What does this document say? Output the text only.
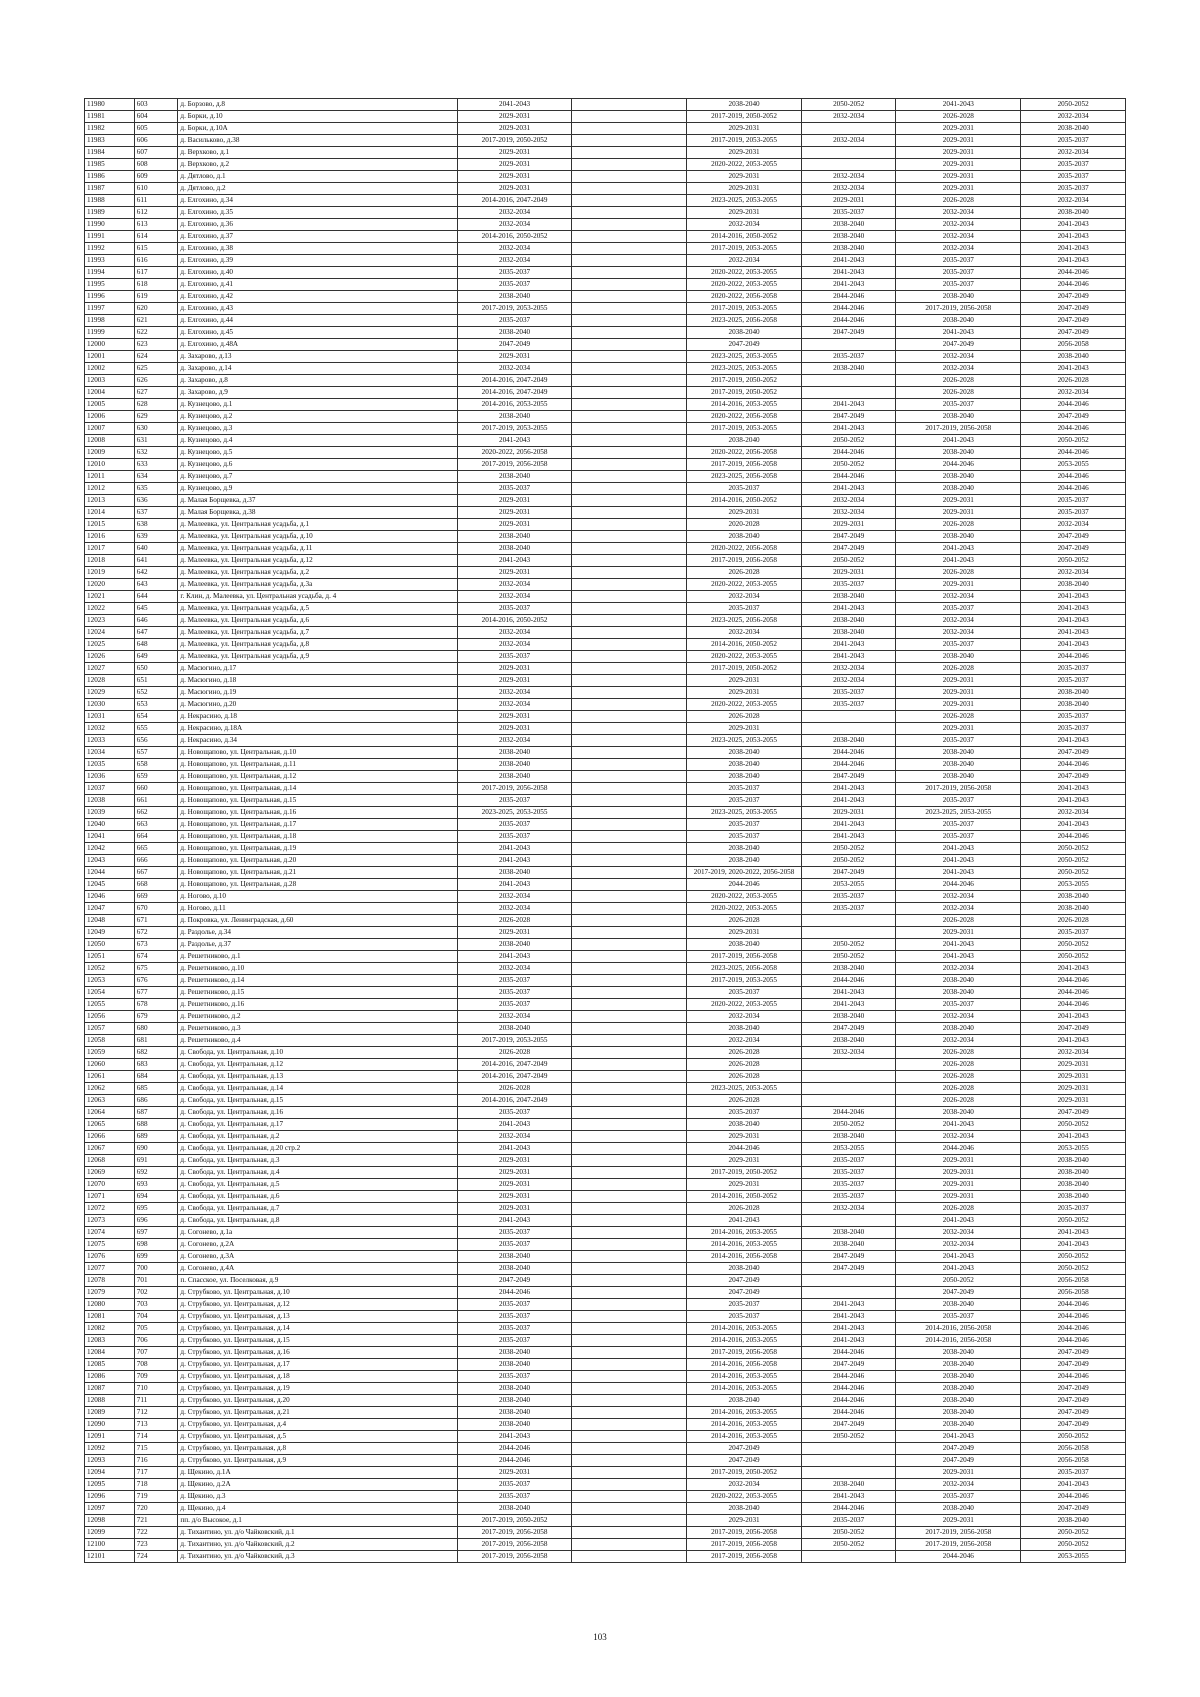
11980	603	д. Борзово, д.8	2041-2043		2038-2040	2050-2052	2041-2043	2050-2052
11981	604	д. Борки, д.10	2029-2031		2017-2019, 2050-2052	2032-2034	2026-2028	2032-2034
11982	605	д. Борки, д.10А	2029-2031		2029-2031		2029-2031	2038-2040
11983	606	д. Васильково, д.38	2017-2019, 2050-2052		2017-2019, 2053-2055	2032-2034	2029-2031	2035-2037
11984	607	д. Верхково, д.1	2029-2031		2029-2031		2029-2031	2032-2034
11985	608	д. Верхково, д.2	2029-2031		2020-2022, 2053-2055		2029-2031	2035-2037
11986	609	д. Дятлово, д.1	2029-2031		2029-2031	2032-2034	2029-2031	2035-2037
11987	610	д. Дятлово, д.2	2029-2031		2029-2031	2032-2034	2029-2031	2035-2037
11988	611	д. Елгохино, д.34	2014-2016, 2047-2049		2023-2025, 2053-2055	2029-2031	2026-2028	2032-2034
11989	612	д. Елгохино, д.35	2032-2034		2029-2031	2035-2037	2032-2034	2038-2040
11990	613	д. Елгохино, д.36	2032-2034		2032-2034	2038-2040	2032-2034	2041-2043
11991	614	д. Елгохино, д.37	2014-2016, 2050-2052		2014-2016, 2050-2052	2038-2040	2032-2034	2041-2043
11992	615	д. Елгохино, д.38	2032-2034		2017-2019, 2053-2055	2038-2040	2032-2034	2041-2043
11993	616	д. Елгохино, д.39	2032-2034		2032-2034	2041-2043	2035-2037	2041-2043
11994	617	д. Елгохино, д.40	2035-2037		2020-2022, 2053-2055	2041-2043	2035-2037	2044-2046
11995	618	д. Елгохино, д.41	2035-2037		2020-2022, 2053-2055	2041-2043	2035-2037	2044-2046
11996	619	д. Елгохино, д.42	2038-2040		2020-2022, 2056-2058	2044-2046	2038-2040	2047-2049
11997	620	д. Елгохино, д.43	2017-2019, 2053-2055		2017-2019, 2053-2055	2044-2046	2017-2019, 2056-2058	2047-2049
11998	621	д. Елгохино, д.44	2035-2037		2023-2025, 2056-2058	2044-2046	2038-2040	2047-2049
11999	622	д. Елгохино, д.45	2038-2040		2038-2040	2047-2049	2041-2043	2047-2049
12000	623	д. Елгохино, д.48А	2047-2049		2047-2049		2047-2049	2056-2058
12001	624	д. Захарово, д.13	2029-2031		2023-2025, 2053-2055	2035-2037	2032-2034	2038-2040
12002	625	д. Захарово, д.14	2032-2034		2023-2025, 2053-2055	2038-2040	2032-2034	2041-2043
12003	626	д. Захарово, д.8	2014-2016, 2047-2049		2017-2019, 2050-2052		2026-2028	2026-2028
12004	627	д. Захарово, д.9	2014-2016, 2047-2049		2017-2019, 2050-2052		2026-2028	2032-2034
12005	628	д. Кузнецово, д.1	2014-2016, 2053-2055		2014-2016, 2053-2055	2041-2043	2035-2037	2044-2046
12006	629	д. Кузнецово, д.2	2038-2040		2020-2022, 2056-2058	2047-2049	2038-2040	2047-2049
12007	630	д. Кузнецово, д.3	2017-2019, 2053-2055		2017-2019, 2053-2055	2041-2043	2017-2019, 2056-2058	2044-2046
12008	631	д. Кузнецово, д.4	2041-2043		2038-2040	2050-2052	2041-2043	2050-2052
12009	632	д. Кузнецово, д.5	2020-2022, 2056-2058		2020-2022, 2056-2058	2044-2046	2038-2040	2044-2046
12010	633	д. Кузнецово, д.6	2017-2019, 2056-2058		2017-2019, 2056-2058	2050-2052	2044-2046	2053-2055
12011	634	д. Кузнецово, д.7	2038-2040		2023-2025, 2056-2058	2044-2046	2038-2040	2044-2046
12012	635	д. Кузнецово, д.9	2035-2037		2035-2037	2041-2043	2038-2040	2044-2046
12013	636	д. Малая Борщевка, д.37	2029-2031		2014-2016, 2050-2052	2032-2034	2029-2031	2035-2037
12014	637	д. Малая Борщевка, д.38	2029-2031		2029-2031	2032-2034	2029-2031	2035-2037
12015	638	д. Малеевка, ул. Центральная усадьба, д.1	2029-2031		2020-2028	2029-2031	2026-2028	2032-2034
12016	639	д. Малеевка, ул. Центральная усадьба, д.10	2038-2040		2038-2040	2047-2049	2038-2040	2047-2049
12017	640	д. Малеевка, ул. Центральная усадьба, д.11	2038-2040		2020-2022, 2056-2058	2047-2049	2041-2043	2047-2049
12018	641	д. Малеевка, ул. Центральная усадьба, д.12	2041-2043		2017-2019, 2056-2058	2050-2052	2041-2043	2050-2052
12019	642	д. Малеевка, ул. Центральная усадьба, д.2	2029-2031		2026-2028	2029-2031	2026-2028	2032-2034
12020	643	д. Малеевка, ул. Центральная усадьба, д.3а	2032-2034		2020-2022, 2053-2055	2035-2037	2029-2031	2038-2040
12021	644	г. Клин, д. Малеевка, ул. Центральная усадьба, д. 4	2032-2034		2032-2034	2038-2040	2032-2034	2041-2043
12022	645	д. Малеевка, ул. Центральная усадьба, д.5	2035-2037		2035-2037	2041-2043	2035-2037	2041-2043
12023	646	д. Малеевка, ул. Центральная усадьба, д.6	2014-2016, 2050-2052		2023-2025, 2056-2058	2038-2040	2032-2034	2041-2043
12024	647	д. Малеевка, ул. Центральная усадьба, д.7	2032-2034		2032-2034	2038-2040	2032-2034	2041-2043
12025	648	д. Малеевка, ул. Центральная усадьба, д.8	2032-2034		2014-2016, 2050-2052	2041-2043	2035-2037	2041-2043
12026	649	д. Малеевка, ул. Центральная усадьба, д.9	2035-2037		2020-2022, 2053-2055	2041-2043	2038-2040	2044-2046
12027	650	д. Масюгино, д.17	2029-2031		2017-2019, 2050-2052	2032-2034	2026-2028	2035-2037
12028	651	д. Масюгино, д.18	2029-2031		2029-2031	2032-2034	2029-2031	2035-2037
12029	652	д. Масюгино, д.19	2032-2034		2029-2031	2035-2037	2029-2031	2038-2040
12030	653	д. Масюгино, д.20	2032-2034		2020-2022, 2053-2055	2035-2037	2029-2031	2038-2040
12031	654	д. Некрасино, д.18	2029-2031		2026-2028		2026-2028	2035-2037
12032	655	д. Некрасино, д.18А	2029-2031		2029-2031		2029-2031	2035-2037
12033	656	д. Некрасино, д.34	2032-2034		2023-2025, 2053-2055	2038-2040	2035-2037	2041-2043
12034	657	д. Новощапово, ул. Центральная, д.10	2038-2040		2038-2040	2044-2046	2038-2040	2047-2049
12035	658	д. Новощапово, ул. Центральная, д.11	2038-2040		2038-2040	2044-2046	2038-2040	2044-2046
12036	659	д. Новощапово, ул. Центральная, д.12	2038-2040		2038-2040	2047-2049	2038-2040	2047-2049
12037	660	д. Новощапово, ул. Центральная, д.14	2017-2019, 2056-2058		2035-2037	2041-2043	2017-2019, 2056-2058	2041-2043
12038	661	д. Новощапово, ул. Центральная, д.15	2035-2037		2035-2037	2041-2043	2035-2037	2041-2043
12039	662	д. Новощапово, ул. Центральная, д.16	2023-2025, 2053-2055		2023-2025, 2053-2055	2029-2031	2023-2025, 2053-2055	2032-2034
12040	663	д. Новощапово, ул. Центральная, д.17	2035-2037		2035-2037	2041-2043	2035-2037	2041-2043
12041	664	д. Новощапово, ул. Центральная, д.18	2035-2037		2035-2037	2041-2043	2035-2037	2044-2046
12042	665	д. Новощапово, ул. Центральная, д.19	2041-2043		2038-2040	2050-2052	2041-2043	2050-2052
12043	666	д. Новощапово, ул. Центральная, д.20	2041-2043		2038-2040	2050-2052	2041-2043	2050-2052
12044	667	д. Новощапово, ул. Центральная, д.21	2038-2040		2017-2019, 2020-2022, 2056-2058	2047-2049	2041-2043	2050-2052
12045	668	д. Новощапово, ул. Центральная, д.28	2041-2043		2044-2046	2053-2055	2044-2046	2053-2055
12046	669	д. Ногово, д.10	2032-2034		2020-2022, 2053-2055	2035-2037	2032-2034	2038-2040
12047	670	д. Ногово, д.11	2032-2034		2020-2022, 2053-2055	2035-2037	2032-2034	2038-2040
12048	671	д. Покровка, ул. Ленинградская, д.60	2026-2028		2026-2028		2026-2028	2026-2028
12049	672	д. Раздолье, д.34	2029-2031		2029-2031		2029-2031	2035-2037
12050	673	д. Раздолье, д.37	2038-2040		2038-2040	2050-2052	2041-2043	2050-2052
12051	674	д. Решетниково, д.1	2041-2043		2017-2019, 2056-2058	2050-2052	2041-2043	2050-2052
12052	675	д. Решетниково, д.10	2032-2034		2023-2025, 2056-2058	2038-2040	2032-2034	2041-2043
12053	676	д. Решетниково, д.14	2035-2037		2017-2019, 2053-2055	2044-2046	2038-2040	2044-2046
12054	677	д. Решетниково, д.15	2035-2037		2035-2037	2041-2043	2038-2040	2044-2046
12055	678	д. Решетниково, д.16	2035-2037		2020-2022, 2053-2055	2041-2043	2035-2037	2044-2046
12056	679	д. Решетниково, д.2	2032-2034		2032-2034	2038-2040	2032-2034	2041-2043
12057	680	д. Решетниково, д.3	2038-2040		2038-2040	2047-2049	2038-2040	2047-2049
12058	681	д. Решетниково, д.4	2017-2019, 2053-2055		2032-2034	2038-2040	2032-2034	2041-2043
12059	682	д. Свобода, ул. Центральная, д.10	2026-2028		2026-2028	2032-2034	2026-2028	2032-2034
12060	683	д. Свобода, ул. Центральная, д.12	2014-2016, 2047-2049		2026-2028		2026-2028	2029-2031
12061	684	д. Свобода, ул. Центральная, д.13	2014-2016, 2047-2049		2026-2028		2026-2028	2029-2031
12062	685	д. Свобода, ул. Центральная, д.14	2026-2028		2023-2025, 2053-2055		2026-2028	2029-2031
12063	686	д. Свобода, ул. Центральная, д.15	2014-2016, 2047-2049		2026-2028		2026-2028	2029-2031
12064	687	д. Свобода, ул. Центральная, д.16	2035-2037		2035-2037	2044-2046	2038-2040	2047-2049
12065	688	д. Свобода, ул. Центральная, д.17	2041-2043		2038-2040	2050-2052	2041-2043	2050-2052
12066	689	д. Свобода, ул. Центральная, д.2	2032-2034		2029-2031	2038-2040	2032-2034	2041-2043
12067	690	д. Свобода, ул. Центральная, д.20 стр.2	2041-2043		2044-2046	2053-2055	2044-2046	2053-2055
12068	691	д. Свобода, ул. Центральная, д.3	2029-2031		2029-2031	2035-2037	2029-2031	2038-2040
12069	692	д. Свобода, ул. Центральная, д.4	2029-2031		2017-2019, 2050-2052	2035-2037	2029-2031	2038-2040
12070	693	д. Свобода, ул. Центральная, д.5	2029-2031		2029-2031	2035-2037	2029-2031	2038-2040
12071	694	д. Свобода, ул. Центральная, д.6	2029-2031		2014-2016, 2050-2052	2035-2037	2029-2031	2038-2040
12072	695	д. Свобода, ул. Центральная, д.7	2029-2031		2026-2028	2032-2034	2026-2028	2035-2037
12073	696	д. Свобода, ул. Центральная, д.8	2041-2043		2041-2043		2041-2043	2050-2052
12074	697	д. Согонево, д.1а	2035-2037		2014-2016, 2053-2055	2038-2040	2032-2034	2041-2043
12075	698	д. Согонево, д.2А	2035-2037		2014-2016, 2053-2055	2038-2040	2032-2034	2041-2043
12076	699	д. Согонево, д.3А	2038-2040		2014-2016, 2056-2058	2047-2049	2041-2043	2050-2052
12077	700	д. Согонево, д.4А	2038-2040		2038-2040	2047-2049	2041-2043	2050-2052
12078	701	п. Спасское, ул. Поселковая, д.9	2047-2049		2047-2049		2050-2052	2056-2058
12079	702	д. Струбково, ул. Центральная, д.10	2044-2046		2047-2049		2047-2049	2056-2058
12080	703	д. Струбково, ул. Центральная, д.12	2035-2037		2035-2037	2041-2043	2038-2040	2044-2046
12081	704	д. Струбково, ул. Центральная, д.13	2035-2037		2035-2037	2041-2043	2035-2037	2044-2046
12082	705	д. Струбково, ул. Центральная, д.14	2035-2037		2014-2016, 2053-2055	2041-2043	2014-2016, 2056-2058	2044-2046
12083	706	д. Струбково, ул. Центральная, д.15	2035-2037		2014-2016, 2053-2055	2041-2043	2014-2016, 2056-2058	2044-2046
12084	707	д. Струбково, ул. Центральная, д.16	2038-2040		2017-2019, 2056-2058	2044-2046	2038-2040	2047-2049
12085	708	д. Струбково, ул. Центральная, д.17	2038-2040		2014-2016, 2056-2058	2047-2049	2038-2040	2047-2049
12086	709	д. Струбково, ул. Центральная, д.18	2035-2037		2014-2016, 2053-2055	2044-2046	2038-2040	2044-2046
12087	710	д. Струбково, ул. Центральная, д.19	2038-2040		2014-2016, 2053-2055	2044-2046	2038-2040	2047-2049
12088	711	д. Струбково, ул. Центральная, д.20	2038-2040		2038-2040	2044-2046	2038-2040	2047-2049
12089	712	д. Струбково, ул. Центральная, д.21	2038-2040		2014-2016, 2053-2055	2044-2046	2038-2040	2047-2049
12090	713	д. Струбково, ул. Центральная, д.4	2038-2040		2014-2016, 2053-2055	2047-2049	2038-2040	2047-2049
12091	714	д. Струбково, ул. Центральная, д.5	2041-2043		2014-2016, 2053-2055	2050-2052	2041-2043	2050-2052
12092	715	д. Струбково, ул. Центральная, д.8	2044-2046		2047-2049		2047-2049	2056-2058
12093	716	д. Струбково, ул. Центральная, д.9	2044-2046		2047-2049		2047-2049	2056-2058
12094	717	д. Щекино, д.1А	2029-2031		2017-2019, 2050-2052		2029-2031	2035-2037
12095	718	д. Щекино, д.2А	2035-2037		2032-2034	2038-2040	2032-2034	2041-2043
12096	719	д. Щекино, д.3	2035-2037		2020-2022, 2053-2055	2041-2043	2035-2037	2044-2046
12097	720	д. Щекино, д.4	2038-2040		2038-2040	2044-2046	2038-2040	2047-2049
12098	721	пп. д/о Высокое, д.1	2017-2019, 2050-2052		2029-2031	2035-2037	2029-2031	2038-2040
12099	722	д. Тихантино, ул. д/о Чайковский, д.1	2017-2019, 2056-2058		2017-2019, 2056-2058	2050-2052	2017-2019, 2056-2058	2050-2052
12100	723	д. Тихантино, ул. д/о Чайковский, д.2	2017-2019, 2056-2058		2017-2019, 2056-2058	2050-2052	2017-2019, 2056-2058	2050-2052
12101	724	д. Тихантино, ул. д/о Чайковский, д.3	2017-2019, 2056-2058		2017-2019, 2056-2058		2044-2046	2053-2055
103
